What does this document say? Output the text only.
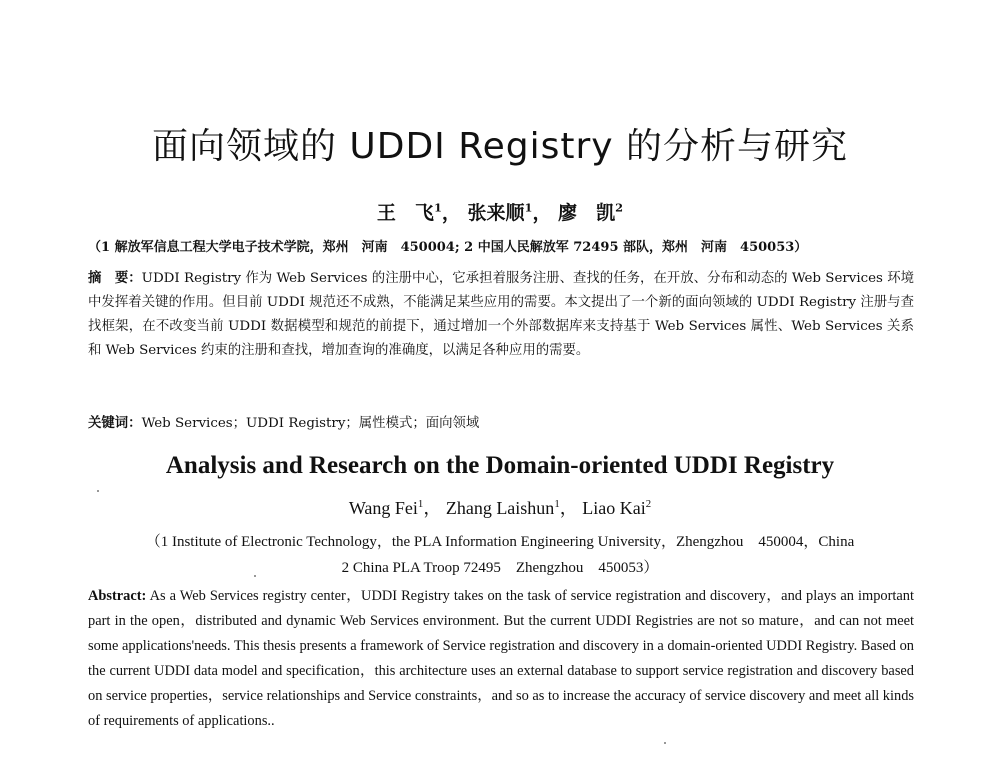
面向领域的 UDDI Registry 的分析与研究
王　飞$^1$， 张来顺$^1$， 廖　凯$^2$
（1 解放军信息工程大学电子技术学院，郑州　河南　450004; 2 中国人民解放军 72495 部队，郑州　河南　450053）
摘　要：UDDI Registry 作为 Web Services 的注册中心，它承担着服务注册、查找的任务，在开放、分布和动态的 Web Services 环境中发挥着关键的作用。但目前 UDDI 规范还不成熟，不能满足某些应用的需要。本文提出了一个新的面向领域的 UDDI Registry 注册与查找框架，在不改变当前 UDDI 数据模型和规范的前提下，通过增加一个外部数据库来支持基于 Web Services 属性、Web Services 关系和 Web Services 约束的注册和查找，增加查询的准确度，以满足各种应用的需要。
关键词：Web Services；UDDI Registry；属性模式；面向领域
Analysis and Research on the Domain-oriented UDDI Registry
Wang Fei$^1$， Zhang Laishun$^1$， Liao Kai$^2$
（1 Institute of Electronic Technology，the PLA Information Engineering University，Zhengzhou　450004，China
2 China PLA Troop 72495　Zhengzhou　450053）
Abstract: As a Web Services registry center，UDDI Registry takes on the task of service registration and discovery，and plays an important part in the open，distributed and dynamic Web Services environment. But the current UDDI Registries are not so mature，and can not meet some applications'needs. This thesis presents a framework of Service registration and discovery in a domain-oriented UDDI Registry. Based on the current UDDI data model and specification，this architecture uses an external database to support service registration and discovery based on service properties，service relationships and Service constraints，and so as to increase the accuracy of service discovery and meet all kinds of requirements of applications..
